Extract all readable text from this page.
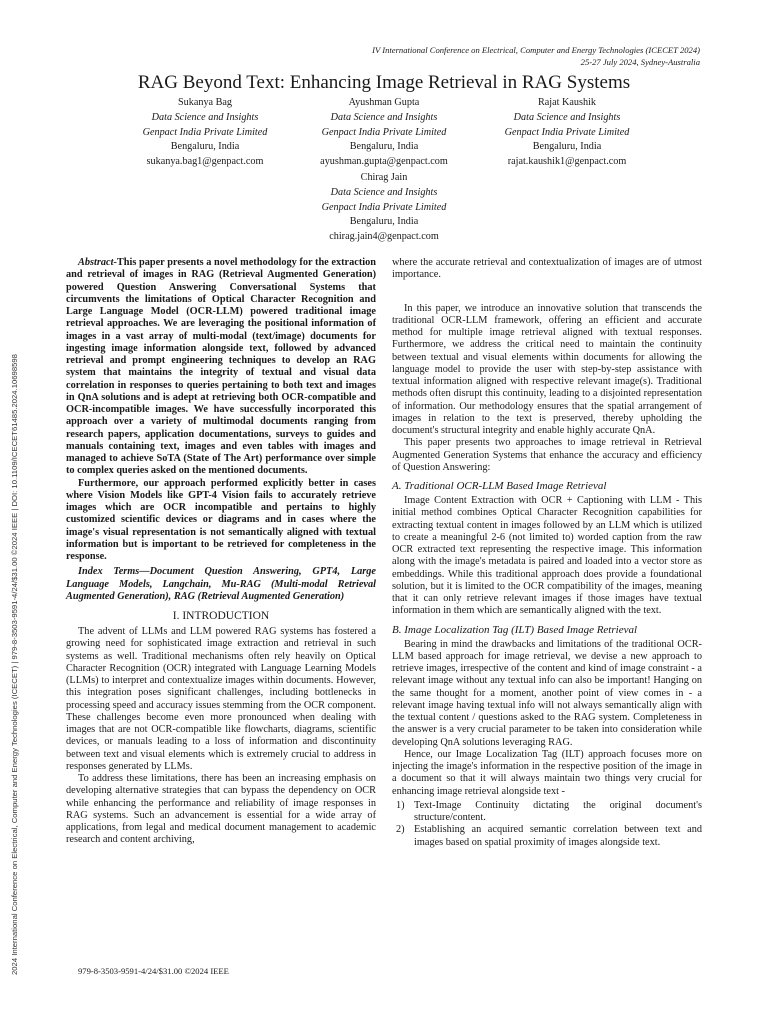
IV International Conference on Electrical, Computer and Energy Technologies (ICECET 2024)
25-27 July 2024, Sydney-Australia
RAG Beyond Text: Enhancing Image Retrieval in RAG Systems
Sukanya Bag
Data Science and Insights
Genpact India Private Limited
Bengaluru, India
sukanya.bag1@genpact.com
Ayushman Gupta
Data Science and Insights
Genpact India Private Limited
Bengaluru, India
ayushman.gupta@genpact.com
Rajat Kaushik
Data Science and Insights
Genpact India Private Limited
Bengaluru, India
rajat.kaushik1@genpact.com
Chirag Jain
Data Science and Insights
Genpact India Private Limited
Bengaluru, India
chirag.jain4@genpact.com
2024 International Conference on Electrical, Computer and Energy Technologies (ICECET) | 979-8-3503-9591-4/24/$31.00 ©2024 IEEE | DOI: 10.1109/ICECET61485.2024.10698598

Abstract-This paper presents a novel methodology for the extraction and retrieval of images in RAG (Retrieval Augmented Generation) powered Question Answering Conversational Systems that circumvents the limitations of Optical Character Recognition and Large Language Model (OCR-LLM) powered traditional image retrieval approaches. We are leveraging the positional information of images in a vast array of multi-modal (text/image) documents for ingesting image information alongside text, followed by advanced retrieval and prompt engineering techniques to develop an RAG system that maintains the integrity of textual and visual data correlation in responses to queries pertaining to both text and images in QnA solutions and is adept at retrieving both OCR-compatible and OCR-incompatible images. We have successfully incorporated this approach over a variety of multimodal documents ranging from research papers, application documentations, surveys to guides and manuals containing text, images and even tables with images and managed to achieve SoTA (State of The Art) performance over simple to complex queries asked on the mentioned documents.

Furthermore, our approach performed explicitly better in cases where Vision Models like GPT-4 Vision fails to accurately retrieve images which are OCR incompatible and pertains to highly customized scientific devices or diagrams and in cases where the image's visual representation is not semantically aligned with textual information but is important to be retrieved for completeness in the response.

Index Terms—Document Question Answering, GPT4, Large Language Models, Langchain, Mu-RAG (Multi-modal Retrieval Augmented Generation), RAG (Retrieval Augmented Generation)

I. INTRODUCTION

The advent of LLMs and LLM powered RAG systems has fostered a growing need for sophisticated image extraction and retrieval in such systems as well. Traditional mechanisms often rely heavily on Optical Character Recognition (OCR) integrated with Language Learning Models (LLMs) to interpret and contextualize images within documents. However, this integration poses significant challenges, including bottlenecks in processing speed and accuracy issues stemming from the OCR component. These challenges become even more pronounced when dealing with images that are not OCR-compatible like flowcharts, diagrams, scientific devices, or manuals leading to a loss of information and discontinuity between text and visual elements which is extremely crucial to address in responses generated by LLMs.

To address these limitations, there has been an increasing emphasis on developing alternative strategies that can bypass the dependency on OCR while enhancing the performance and reliability of image responses in RAG systems. Such an advancement is essential for a wide array of applications, from legal and medical document management to academic research and content archiving,

where the accurate retrieval and contextualization of images are of utmost importance.

In this paper, we introduce an innovative solution that transcends the traditional OCR-LLM framework, offering an efficient and accurate method for multiple image retrieval aligned with textual responses. Furthermore, we address the critical need to maintain the continuity between textual and visual elements within documents for allowing the language model to provide the user with step-by-step assistance with textual information aligned with respective relevant image(s). Traditional methods often disrupt this continuity, leading to a disjointed representation of information. Our methodology ensures that the spatial arrangement of images in relation to the text is preserved, thereby upholding the document's structural integrity and enable highly accurate QnA.

This paper presents two approaches to image retrieval in Retrieval Augmented Generation Systems that enhance the accuracy and efficiency of Question Answering:

A. Traditional OCR-LLM Based Image Retrieval

Image Content Extraction with OCR + Captioning with LLM - This initial method combines Optical Character Recognition capabilities for extracting textual content in images followed by an LLM which is utilized to create a meaningful 2-6 (not limited to) worded caption from the raw OCR extracted text representing the respective image. This information along with the image's metadata is paired and loaded into a vector store as embeddings. While this traditional approach does provide a foundational solution, but it is limited to the OCR compatibility of the images, meaning that it can only retrieve relevant images if those images have textual information in them which are semantically aligned with the text.

B. Image Localization Tag (ILT) Based Image Retrieval

Bearing in mind the drawbacks and limitations of the traditional OCR-LLM based approach for image retrieval, we devise a new approach to retrieve images, irrespective of the content and kind of image constraint - a relevant image without any textual info can also be important! Hanging on the same thought for a moment, another point of view comes in - a relevant image having textual info will not always semantically align with the textual content / questions asked to the RAG system. Completeness in the answer is a very crucial parameter to be taken into consideration while developing QnA solutions leveraging RAG.

Hence, our Image Localization Tag (ILT) approach focuses more on injecting the image's information in the respective position of the image in a document so that it will always maintain two things very crucial for enhancing image retrieval alongside text -

1) Text-Image Continuity dictating the original document's structure/content.
2) Establishing an acquired semantic correlation between text and images based on spatial proximity of images alongside text.
979-8-3503-9591-4/24/$31.00 ©2024 IEEE
